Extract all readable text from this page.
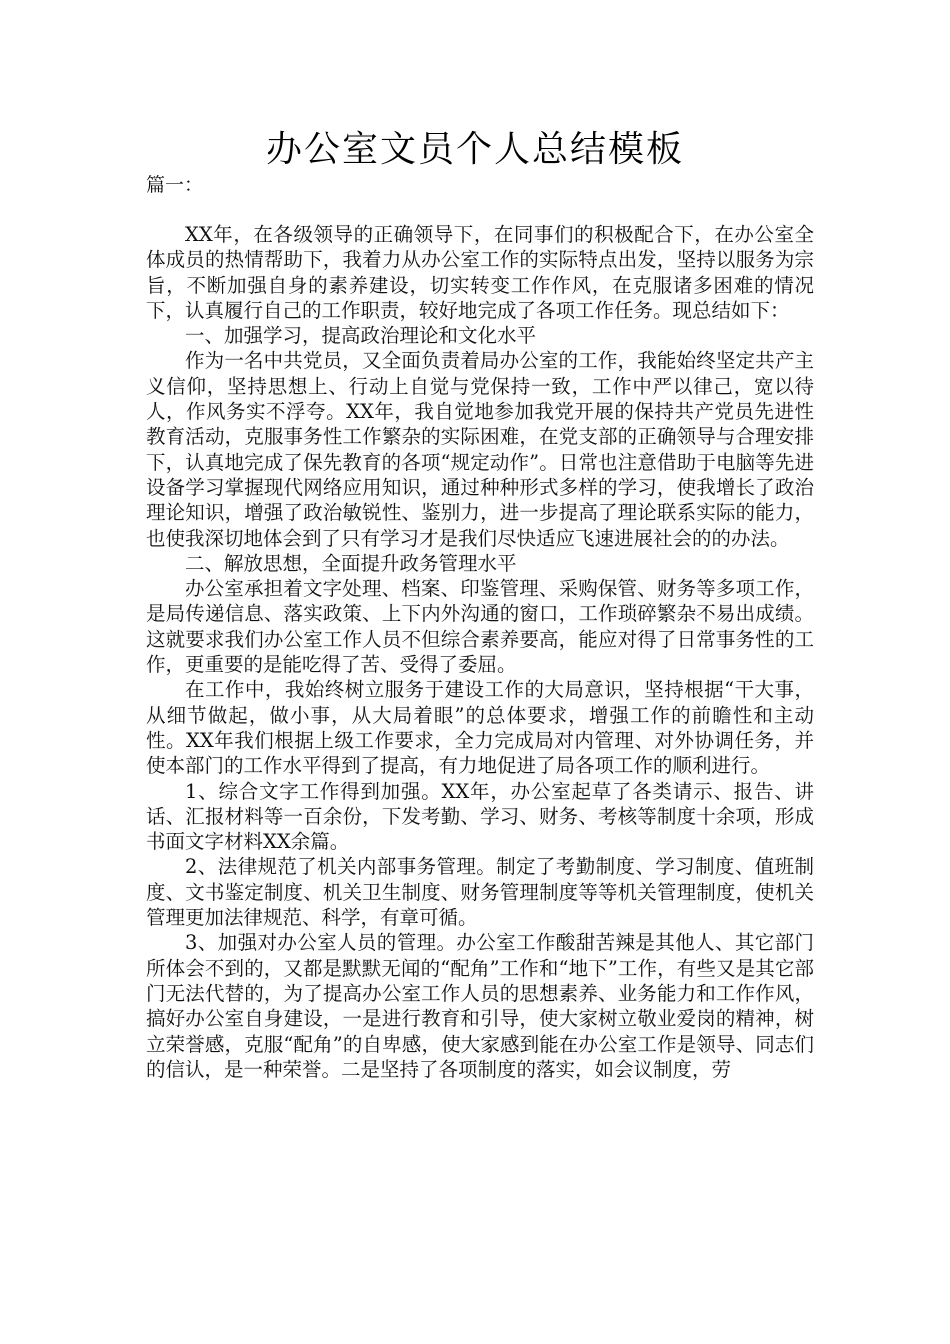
办公室文员个人总结模板
篇一：

XX年，在各级领导的正确领导下，在同事们的积极配合下，在办公室全体成员的热情帮助下，我着力从办公室工作的实际特点出发，坚持以服务为宗旨，不断加强自身的素养建设，切实转变工作作风，在克服诸多困难的情况下，认真履行自己的工作职责，较好地完成了各项工作任务。现总结如下：

一、加强学习，提高政治理论和文化水平

作为一名中共党员，又全面负责着局办公室的工作，我能始终坚定共产主义信仰，坚持思想上、行动上自觉与党保持一致，工作中严以律己，宽以待人，作风务实不浮夸。XX年，我自觉地参加我党开展的保持共产党员先进性教育活动，克服事务性工作繁杂的实际困难，在党支部的正确领导与合理安排下，认真地完成了保先教育的各项“规定动作”。日常也注意借助于电脑等先进设备学习掌握现代网络应用知识，通过种种形式多样的学习，使我增长了政治理论知识，增强了政治敏锐性、鉴别力，进一步提高了理论联系实际的能力，也使我深切地体会到了只有学习才是我们尽快适应飞速进展社会的的办法。

二、解放思想，全面提升政务管理水平

办公室承担着文字处理、档案、印鉴管理、采购保管、财务等多项工作，是局传递信息、落实政策、上下内外沟通的窗口，工作琐碎繁杂不易出成绩。这就要求我们办公室工作人员不但综合素养要高，能应对得了日常事务性的工作，更重要的是能吃得了苦、受得了委屈。

在工作中，我始终树立服务于建设工作的大局意识，坚持根据“干大事，从细节做起，做小事，从大局着眼”的总体要求，增强工作的前瞻性和主动性。XX年我们根据上级工作要求，全力完成局对内管理、对外协调任务，并使本部门的工作水平得到了提高，有力地促进了局各项工作的顺利进行。

1、综合文字工作得到加强。XX年，办公室起草了各类请示、报告、讲话、汇报材料等一百余份，下发考勤、学习、财务、考核等制度十余项，形成书面文字材料XX余篇。

2、法律规范了机关内部事务管理。制定了考勤制度、学习制度、值班制度、文书鉴定制度、机关卫生制度、财务管理制度等等机关管理制度，使机关管理更加法律规范、科学，有章可循。

3、加强对办公室人员的管理。办公室工作酸甜苦辣是其他人、其它部门所体会不到的，又都是默默无闻的“配角”工作和“地下”工作，有些又是其它部门无法代替的，为了提高办公室工作人员的思想素养、业务能力和工作作风，搞好办公室自身建设，一是进行教育和引导，使大家树立敬业爱岗的精神，树立荣誉感，克服“配角”的自卑感，使大家感到能在办公室工作是领导、同志们的信认，是一种荣誉。二是坚持了各项制度的落实，如会议制度，劳
